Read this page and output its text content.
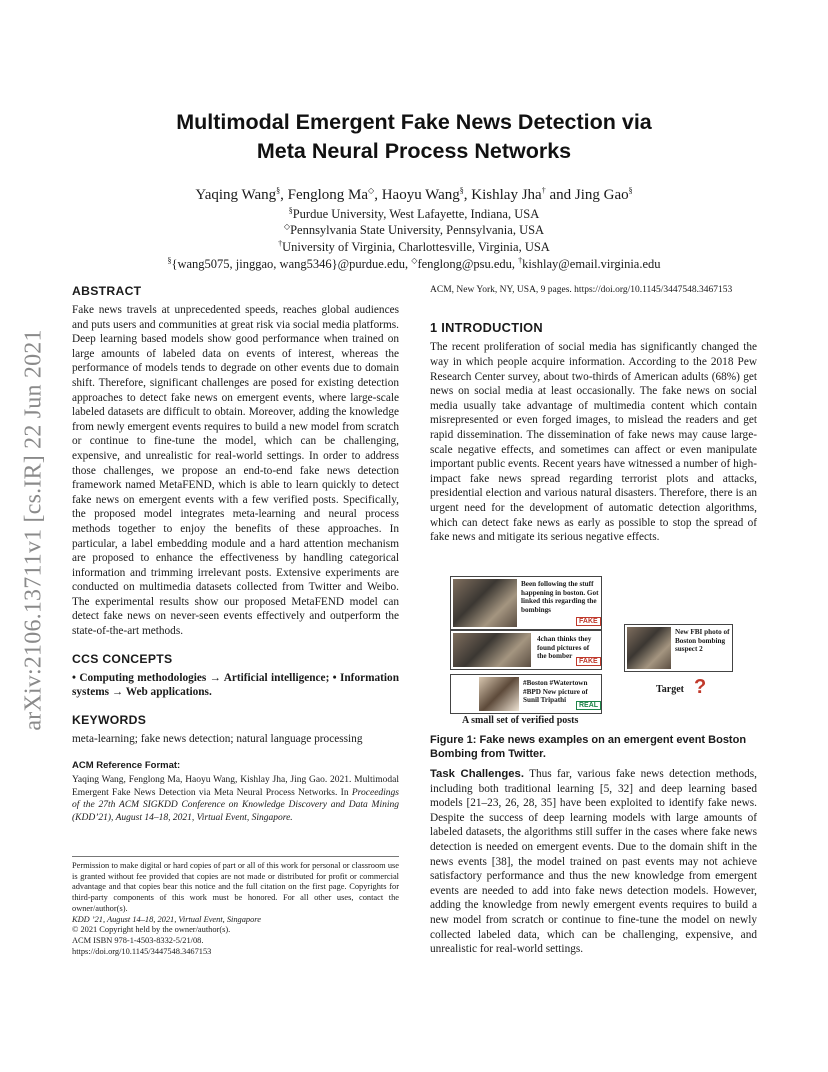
arXiv:2106.13711v1 [cs.IR] 22 Jun 2021
Multimodal Emergent Fake News Detection via
Meta Neural Process Networks
Yaqing Wang§, Fenglong Ma◇, Haoyu Wang§, Kishlay Jha† and Jing Gao§
§Purdue University, West Lafayette, Indiana, USA
◇Pennsylvania State University, Pennsylvania, USA
†University of Virginia, Charlottesville, Virginia, USA
§{wang5075, jinggao, wang5346}@purdue.edu, ◇fenglong@psu.edu, †kishlay@email.virginia.edu
ABSTRACT

Fake news travels at unprecedented speeds, reaches global audiences and puts users and communities at great risk via social media platforms. Deep learning based models show good performance when trained on large amounts of labeled data on events of interest, whereas the performance of models tends to degrade on other events due to domain shift. Therefore, significant challenges are posed for existing detection approaches to detect fake news on emergent events, where large-scale labeled datasets are difficult to obtain. Moreover, adding the knowledge from newly emergent events requires to build a new model from scratch or continue to fine-tune the model, which can be challenging, expensive, and unrealistic for real-world settings. In order to address those challenges, we propose an end-to-end fake news detection framework named MetaFEND, which is able to learn quickly to detect fake news on emergent events with a few verified posts. Specifically, the proposed model integrates meta-learning and neural process methods together to enjoy the benefits of these approaches. In particular, a label embedding module and a hard attention mechanism are proposed to enhance the effectiveness by handling categorical information and trimming irrelevant posts. Extensive experiments are conducted on multimedia datasets collected from Twitter and Weibo. The experimental results show our proposed MetaFEND model can detect fake news on never-seen events effectively and outperform the state-of-the-art methods.

CCS CONCEPTS

• Computing methodologies → Artificial intelligence; • Information systems → Web applications.

KEYWORDS

meta-learning; fake news detection; natural language processing

ACM Reference Format:

Yaqing Wang, Fenglong Ma, Haoyu Wang, Kishlay Jha, Jing Gao. 2021. Multimodal Emergent Fake News Detection via Meta Neural Process Networks. In Proceedings of the 27th ACM SIGKDD Conference on Knowledge Discovery and Data Mining (KDD’21), August 14–18, 2021, Virtual Event, Singapore.

Permission to make digital or hard copies of part or all of this work for personal or classroom use is granted without fee provided that copies are not made or distributed for profit or commercial advantage and that copies bear this notice and the full citation on the first page. Copyrights for third-party components of this work must be honored. For all other uses, contact the owner/author(s).
KDD ’21, August 14–18, 2021, Virtual Event, Singapore
© 2021 Copyright held by the owner/author(s).
ACM ISBN 978-1-4503-8332-5/21/08.
https://doi.org/10.1145/3447548.3467153

ACM, New York, NY, USA, 9 pages. https://doi.org/10.1145/3447548.3467153

1 INTRODUCTION

The recent proliferation of social media has significantly changed the way in which people acquire information. According to the 2018 Pew Research Center survey, about two-thirds of American adults (68%) get news on social media at least occasionally. The fake news on social media usually take advantage of multimedia content which contain misrepresented or even forged images, to mislead the readers and get rapid dissemination. The dissemination of fake news may cause large-scale negative effects, and sometimes can affect or even manipulate important public events. Recent years have witnessed a number of high-impact fake news spread regarding terrorist plots and attacks, presidential election and various natural disasters. Therefore, there is an urgent need for the development of automatic detection algorithms, which can detect fake news as early as possible to stop the spread of fake news and mitigate its serious negative effects.

Been following the stuff happening in boston. Got linked this regarding the bombings
FAKE
4chan thinks they found pictures of the bomber
FAKE
#Boston #Watertown #BPD New picture of Sunil Tripathi
REAL
New FBI photo of Boston bombing suspect 2
Target ?
A small set of verified posts
Figure 1: Fake news examples on an emergent event Boston Bombing from Twitter.

Task Challenges. Thus far, various fake news detection methods, including both traditional learning [5, 32] and deep learning based models [21–23, 26, 28, 35] have been exploited to identify fake news. Despite the success of deep learning models with large amounts of labeled datasets, the algorithms still suffer in the cases where fake news detection is needed on emergent events. Due to the domain shift in the news events [38], the model trained on past events may not achieve satisfactory performance and thus the new knowledge from emergent events are needed to add into fake news detection models. However, adding the knowledge from newly emergent events requires to build a new model from scratch or continue to fine-tune the model on newly collected labeled data, which can be challenging, expensive, and unrealistic for real-world settings.
